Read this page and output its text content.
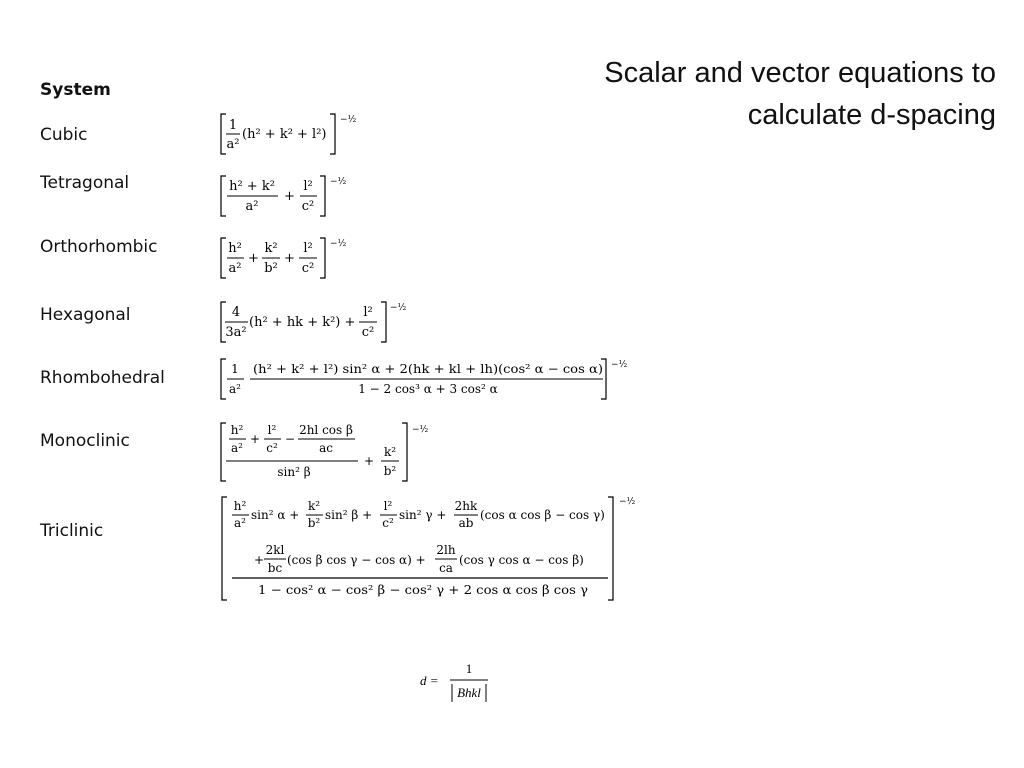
Scalar and vector equations to
calculate d-spacing
System
Cubic
Tetragonal
Orthorhombic
Hexagonal
Rhombohedral
Monoclinic
Triclinic
1
a²
(h² + k² + l²)
−½
h² + k²
a²
+
l²
c²
−½
h²
a²
+
k²
b²
+
l²
c²
−½
4
3a²
(h² + hk + k²) +
l²
c²
−½
1
a²
(h² + k² + l²) sin² α + 2(hk + kl + lh)(cos² α − cos α)
1 − 2 cos³ α + 3 cos² α
−½
h²
a²
+
l²
c²
−
2hl cos β
ac
sin² β
+
k²
b²
−½
h²
a²
sin² α +
k²
b²
sin² β +
l²
c²
sin² γ +
2hk
ab
(cos α cos β − cos γ)
+
2kl
bc
(cos β cos γ − cos α) +
2lh
ca
(cos γ cos α − cos β)
1 − cos² α − cos² β − cos² γ + 2 cos α cos β cos γ
−½
d =
1
Bhkl
